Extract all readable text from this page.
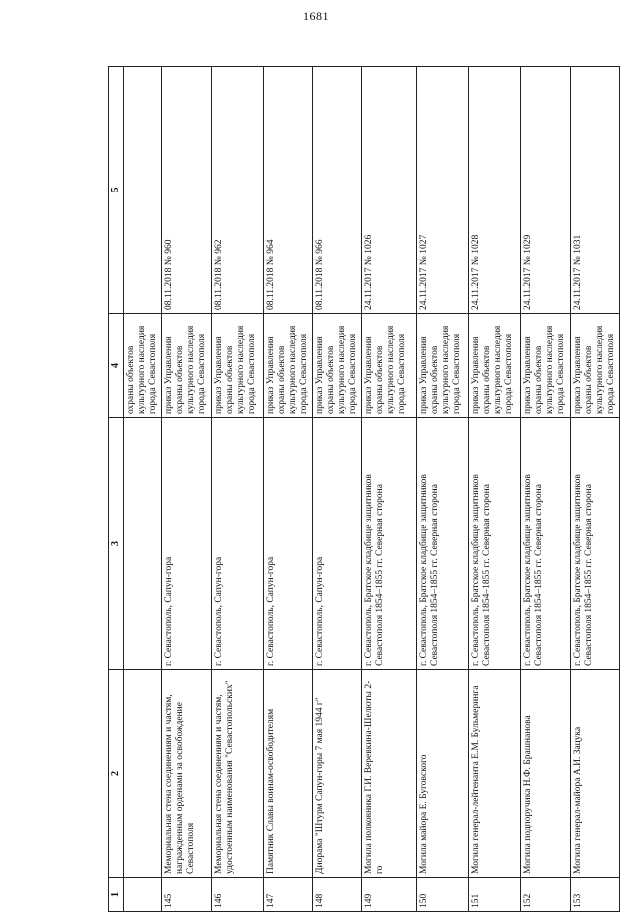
1681
1	2	3	4	5
			охраны объектов культурного наследия города Севастополя	
145	Мемориальная стена соединениям и частям, награжденным орденами за освобождение Севастополя	г. Севастополь, Сапун-гора	приказ Управления охраны объектов культурного наследия города Севастополя	08.11.2018 № 960
146	Мемориальная стена соединениям и частям, удостоенным наименования "Севастопольских"	г. Севастополь, Сапун-гора	приказ Управления охраны объектов культурного наследия города Севастополя	08.11.2018 № 962
147	Памятник Славы воинам-освободителям	г. Севастополь, Сапун-гора	приказ Управления охраны объектов культурного наследия города Севастополя	08.11.2018 № 964
148	Диорама "Штурм Сапун-горы 7 мая 1944 г"	г. Севастополь, Сапун-гора	приказ Управления охраны объектов культурного наследия города Севастополя	08.11.2018 № 966
149	Могила полковника Г.И. Веревкина-Шелюты 2-го	г. Севастополь, Братское кладбище защитников Севастополя 1854–1855 гг. Северная сторона	приказ Управления охраны объектов культурного наследия города Севастополя	24.11.2017 № 1026
150	Могила майора Е. Буговского	г. Севастополь, Братское кладбище защитников Севастополя 1854–1855 гг. Северная сторона	приказ Управления охраны объектов культурного наследия города Севастополя	24.11.2017 № 1027
151	Могила генерал-лейтенанта Е.М. Бульмеринга	г. Севастополь, Братское кладбище защитников Севастополя 1854–1855 гг. Северная сторона	приказ Управления охраны объектов культурного наследия города Севастополя	24.11.2017 № 1028
152	Могила подпоручика Н.Ф. Брашнанова	г. Севастополь, Братское кладбище защитников Севастополя 1854–1855 гг. Северная сторона	приказ Управления охраны объектов культурного наследия города Севастополя	24.11.2017 № 1029
153	Могила генерал-майора А.И. Зацука	г. Севастополь, Братское кладбище защитников Севастополя 1854–1855 гг. Северная сторона	приказ Управления охраны объектов культурного наследия города Севастополя	24.11.2017 № 1031
